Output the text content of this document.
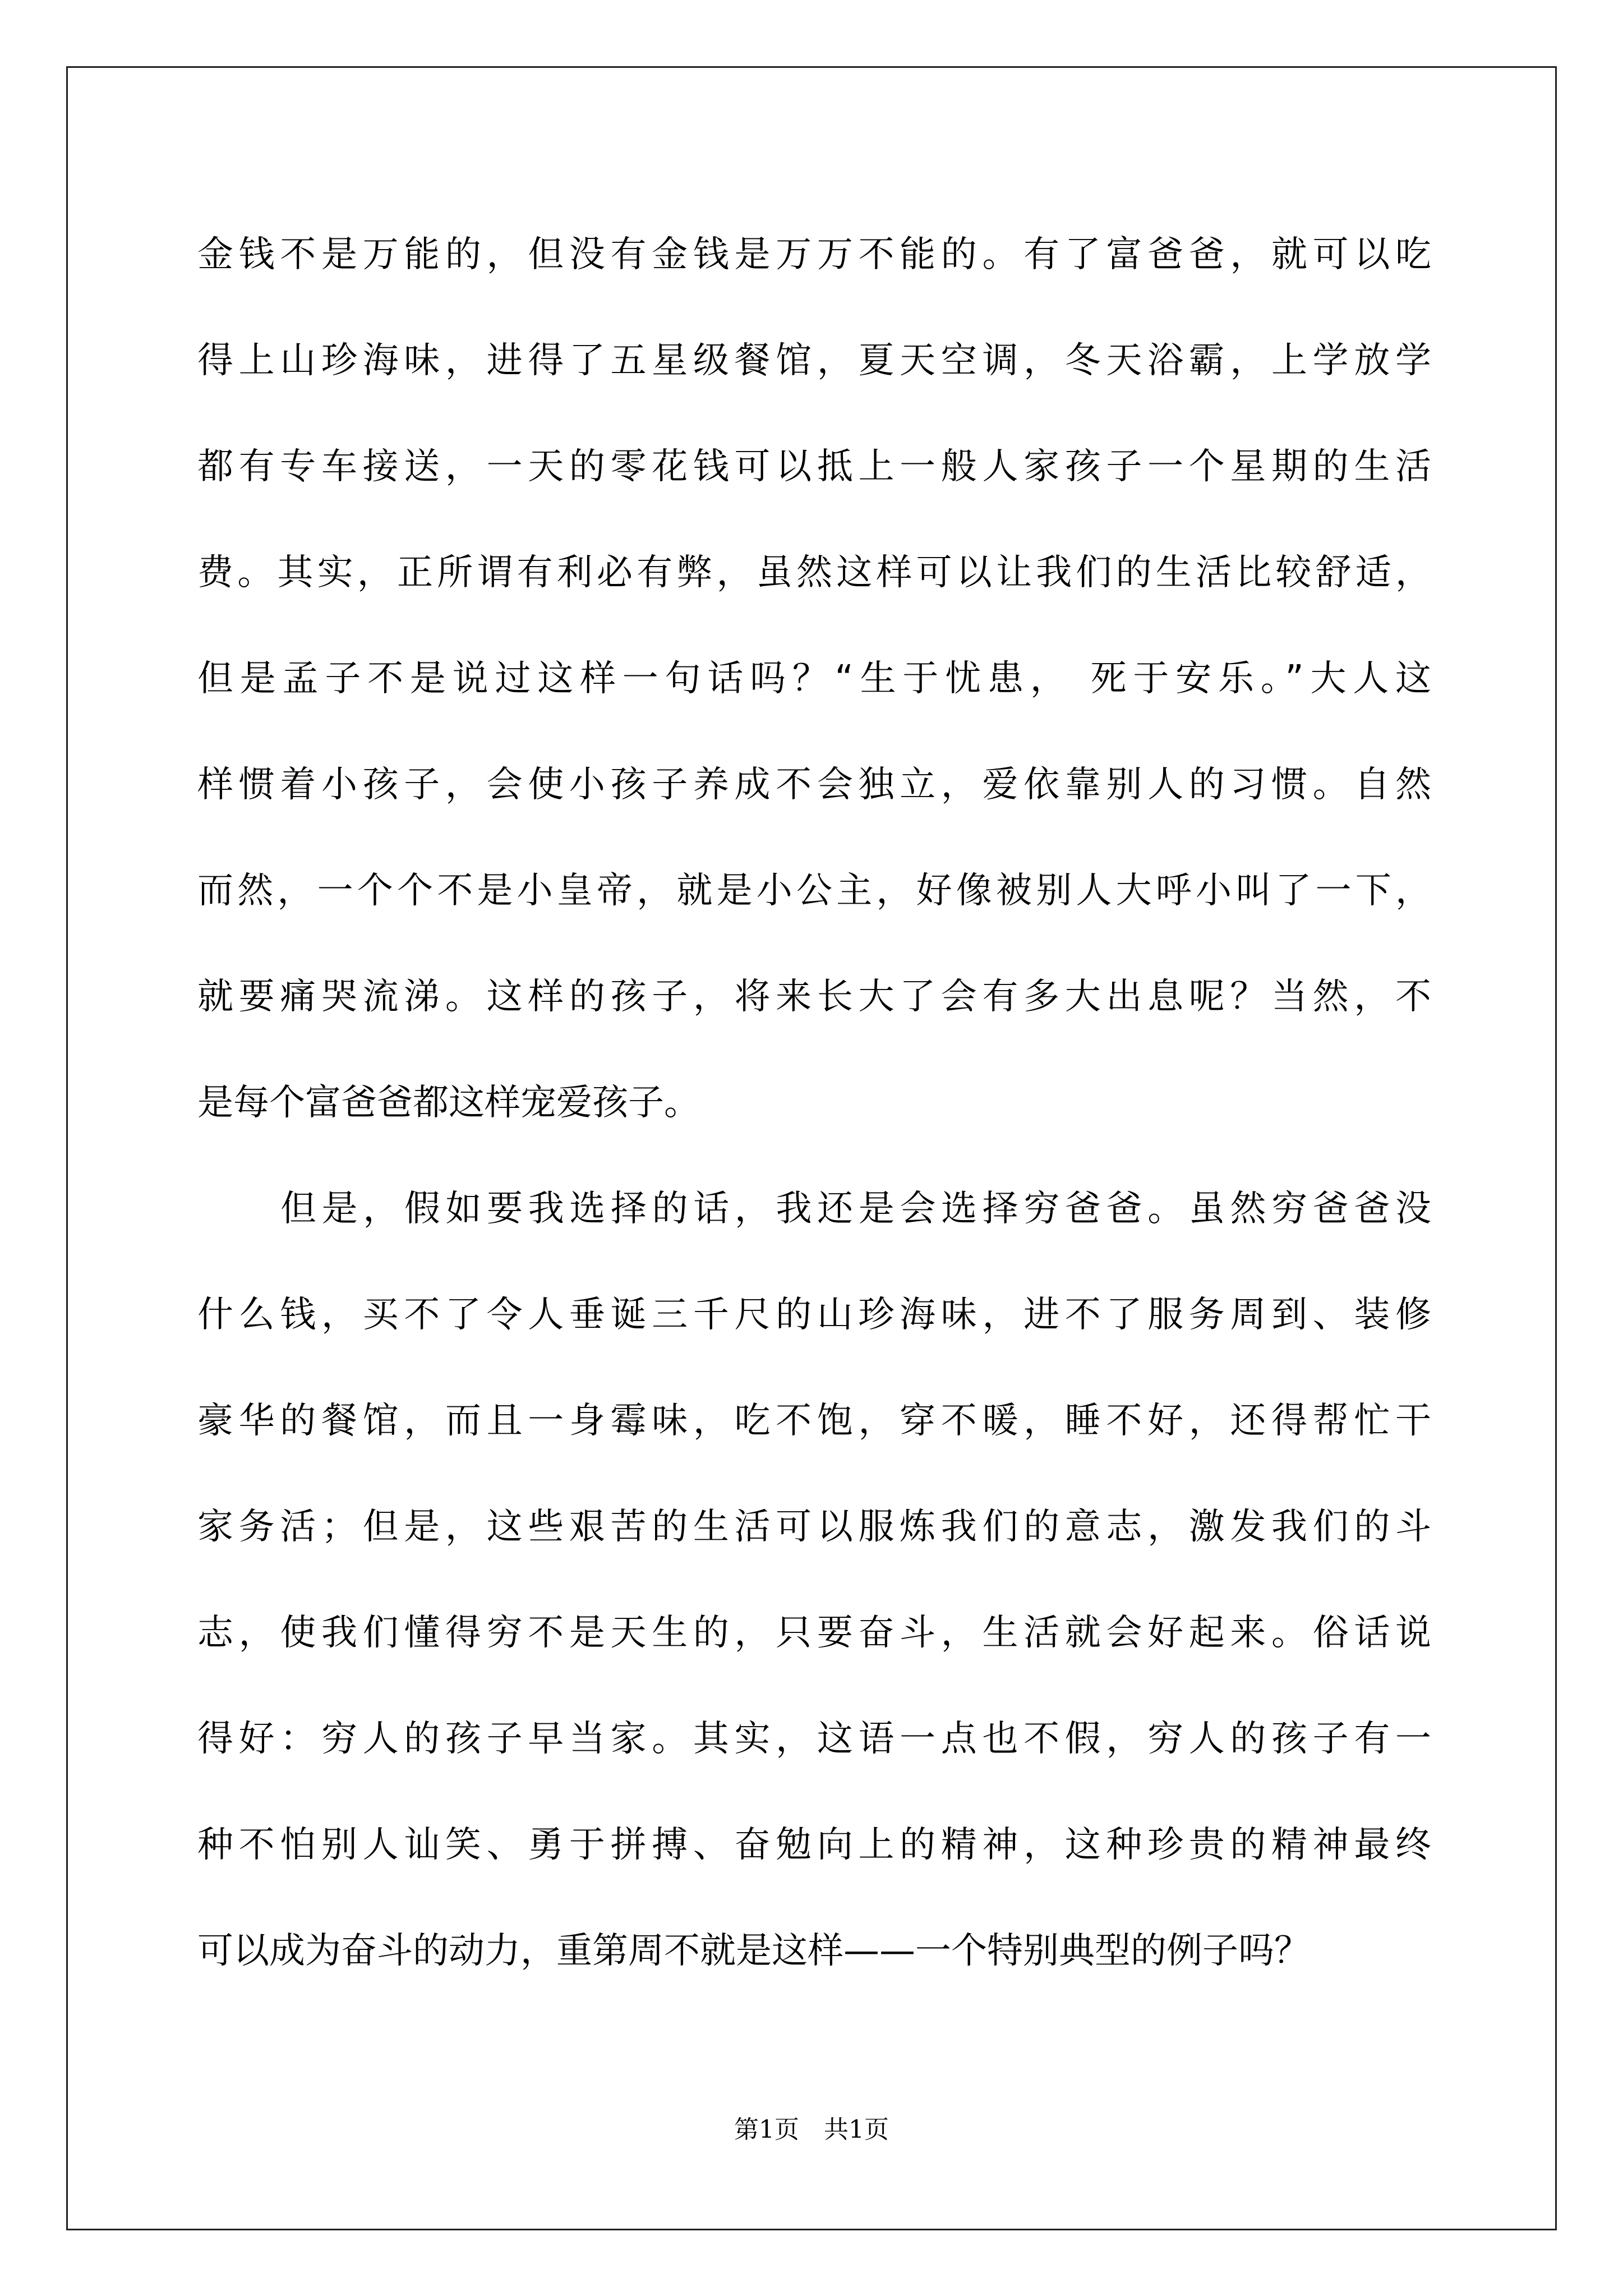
金钱不是万能的，但没有金钱是万万不能的。有了富爸爸，就可以吃
得上山珍海味，进得了五星级餐馆，夏天空调，冬天浴霸，上学放学
都有专车接送，一天的零花钱可以抵上一般人家孩子一个星期的生活
费。其实，正所谓有利必有弊，虽然这样可以让我们的生活比较舒适，
但是孟子不是说过这样一句话吗？“生于忧患， 死于安乐。”大人这
样惯着小孩子，会使小孩子养成不会独立，爱依靠别人的习惯。自然
而然，一个个不是小皇帝，就是小公主，好像被别人大呼小叫了一下，
就要痛哭流涕。这样的孩子，将来长大了会有多大出息呢？当然，不
是每个富爸爸都这样宠爱孩子。
但是，假如要我选择的话，我还是会选择穷爸爸。虽然穷爸爸没
什么钱，买不了令人垂诞三千尺的山珍海味，进不了服务周到、装修
豪华的餐馆，而且一身霉味，吃不饱，穿不暖，睡不好，还得帮忙干
家务活；但是，这些艰苦的生活可以服炼我们的意志，激发我们的斗
志，使我们懂得穷不是天生的，只要奋斗，生活就会好起来。俗话说
得好：穷人的孩子早当家。其实，这语一点也不假，穷人的孩子有一
种不怕别人讪笑、勇于拼搏、奋勉向上的精神，这种珍贵的精神最终
可以成为奋斗的动力，重第周不就是这样——一个特别典型的例子吗？
第1页　共1页
